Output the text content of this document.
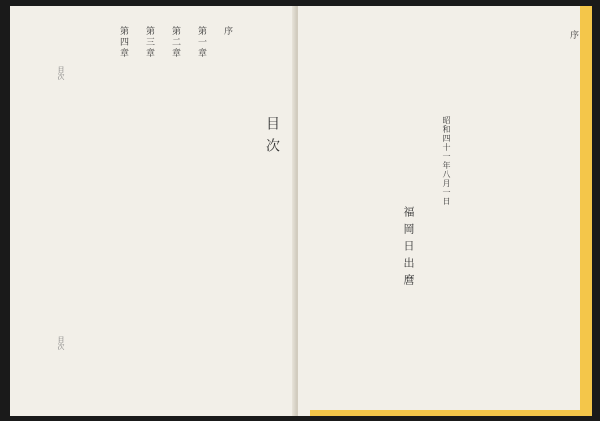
目次
序
第一章
第二章
第三章
第四章
目次
目次
序
昭和四十一年八月一日
福岡日出麿
